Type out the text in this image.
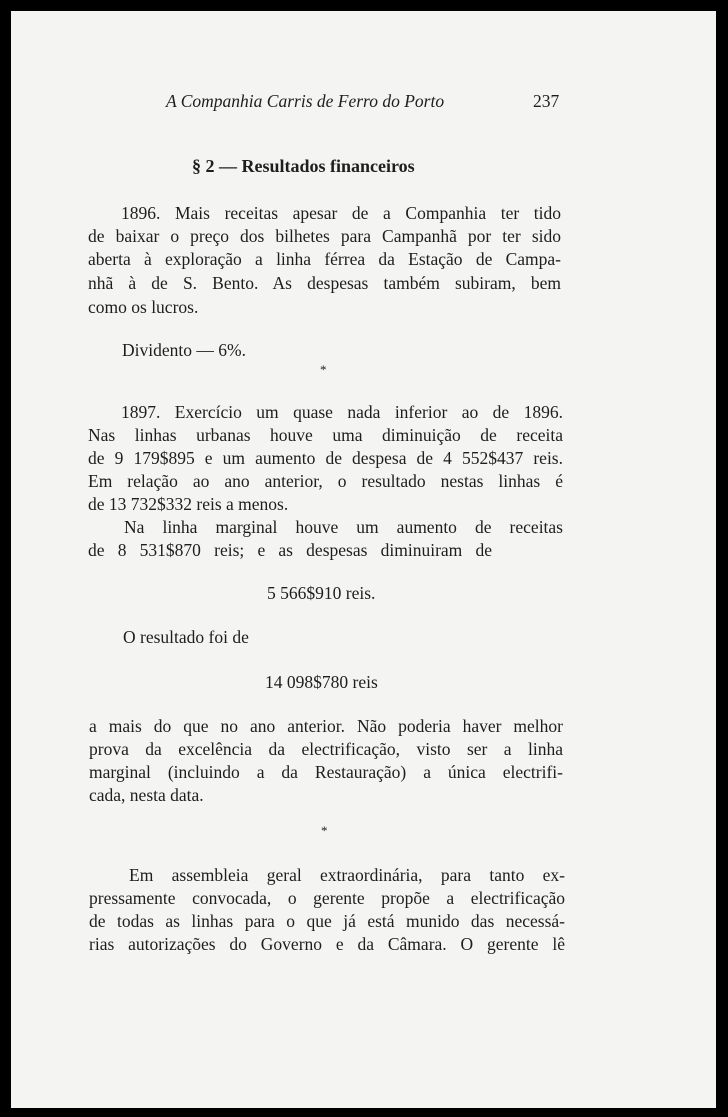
A Companhia Carris de Ferro do Porto	237
§ 2 — Resultados financeiros
1896. Mais receitas apesar de a Companhia ter tido
de baixar o preço dos bilhetes para Campanhã por ter sido
aberta à exploração a linha férrea da Estação de Campa-
nhã à de S. Bento. As despesas também subiram, bem
como os lucros.
Dividento — 6%.
*
1897. Exercício um quase nada inferior ao de 1896.
Nas linhas urbanas houve uma diminuição de receita
de 9 179$895 e um aumento de despesa de 4 552$437 reis.
Em relação ao ano anterior, o resultado nestas linhas é
de 13 732$332 reis a menos.
Na linha marginal houve um aumento de receitas
de 8 531$870 reis; e as despesas diminuiram de
5 566$910 reis.
O resultado foi de
14 098$780 reis
a mais do que no ano anterior. Não poderia haver melhor
prova da excelência da electrificação, visto ser a linha
marginal (incluindo a da Restauração) a única electrifi-
cada, nesta data.
*
Em assembleia geral extraordinária, para tanto ex-
pressamente convocada, o gerente propõe a electrificação
de todas as linhas para o que já está munido das necessá-
rias autorizações do Governo e da Câmara. O gerente lê
